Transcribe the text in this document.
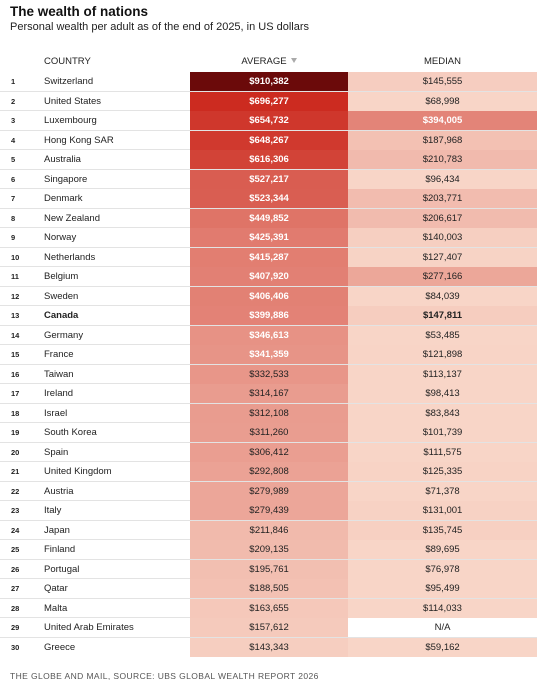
The wealth of nations
Personal wealth per adult as of the end of 2025, in US dollars
COUNTRY	AVERAGE	MEDIAN
1	Switzerland	$910,382	$145,555
2	United States	$696,277	$68,998
3	Luxembourg	$654,732	$394,005
4	Hong Kong SAR	$648,267	$187,968
5	Australia	$616,306	$210,783
6	Singapore	$527,217	$96,434
7	Denmark	$523,344	$203,771
8	New Zealand	$449,852	$206,617
9	Norway	$425,391	$140,003
10	Netherlands	$415,287	$127,407
11	Belgium	$407,920	$277,166
12	Sweden	$406,406	$84,039
13	Canada	$399,886	$147,811
14	Germany	$346,613	$53,485
15	France	$341,359	$121,898
16	Taiwan	$332,533	$113,137
17	Ireland	$314,167	$98,413
18	Israel	$312,108	$83,843
19	South Korea	$311,260	$101,739
20	Spain	$306,412	$111,575
21	United Kingdom	$292,808	$125,335
22	Austria	$279,989	$71,378
23	Italy	$279,439	$131,001
24	Japan	$211,846	$135,745
25	Finland	$209,135	$89,695
26	Portugal	$195,761	$76,978
27	Qatar	$188,505	$95,499
28	Malta	$163,655	$114,033
29	United Arab Emirates	$157,612	N/A
30	Greece	$143,343	$59,162
THE GLOBE AND MAIL, SOURCE: UBS GLOBAL WEALTH REPORT 2026
